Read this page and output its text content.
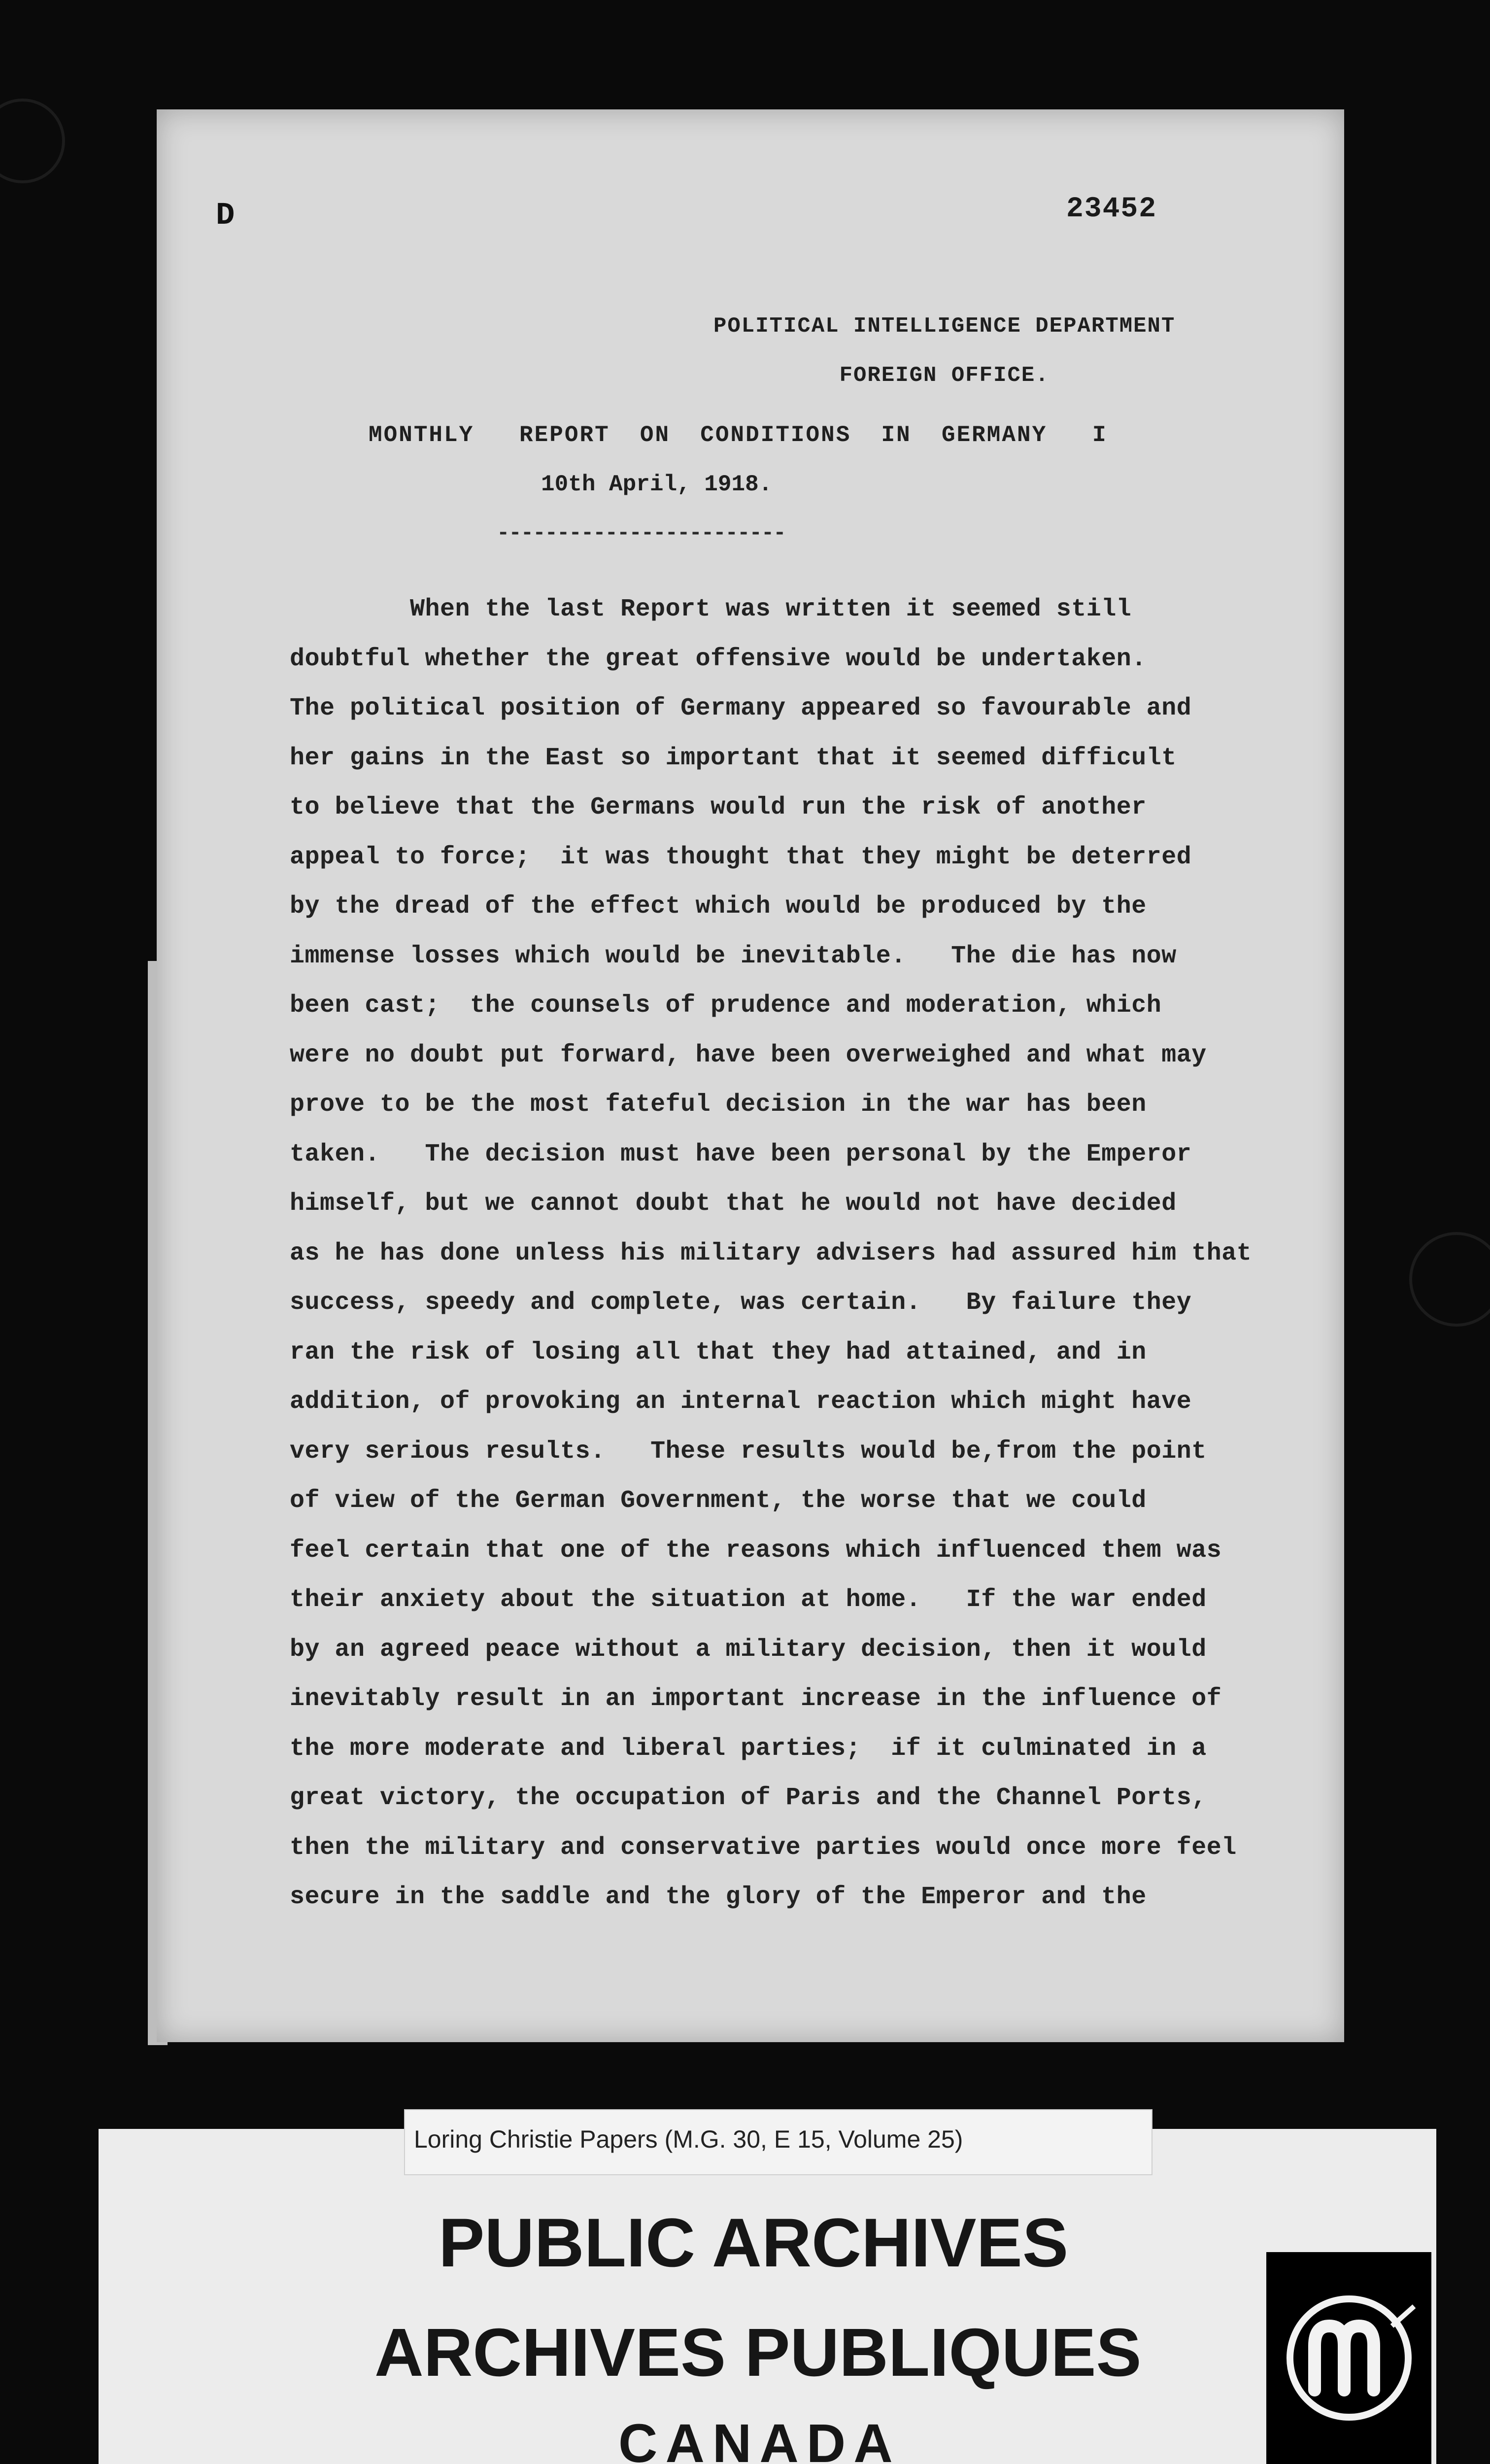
D	23452
POLITICAL INTELLIGENCE DEPARTMENT
FOREIGN OFFICE.
MONTHLY   REPORT  ON  CONDITIONS  IN  GERMANY   I
10th April, 1918.
------------------------
When the last Report was written it seemed still
doubtful whether the great offensive would be undertaken.
The political position of Germany appeared so favourable and
her gains in the East so important that it seemed difficult
to believe that the Germans would run the risk of another
appeal to force;  it was thought that they might be deterred
by the dread of the effect which would be produced by the
immense losses which would be inevitable.   The die has now
been cast;  the counsels of prudence and moderation, which
were no doubt put forward, have been overweighed and what may
prove to be the most fateful decision in the war has been
taken.   The decision must have been personal by the Emperor
himself, but we cannot doubt that he would not have decided
as he has done unless his military advisers had assured him that
success, speedy and complete, was certain.   By failure they
ran the risk of losing all that they had attained, and in
addition, of provoking an internal reaction which might have
very serious results.   These results would be,from the point
of view of the German Government, the worse that we could
feel certain that one of the reasons which influenced them was
their anxiety about the situation at home.   If the war ended
by an agreed peace without a military decision, then it would
inevitably result in an important increase in the influence of
the more moderate and liberal parties;  if it culminated in a
great victory, the occupation of Paris and the Channel Ports,
then the military and conservative parties would once more feel
secure in the saddle and the glory of the Emperor and the
Loring Christie Papers (M.G. 30, E 15, Volume 25)
PUBLIC ARCHIVES
ARCHIVES PUBLIQUES
CANADA
